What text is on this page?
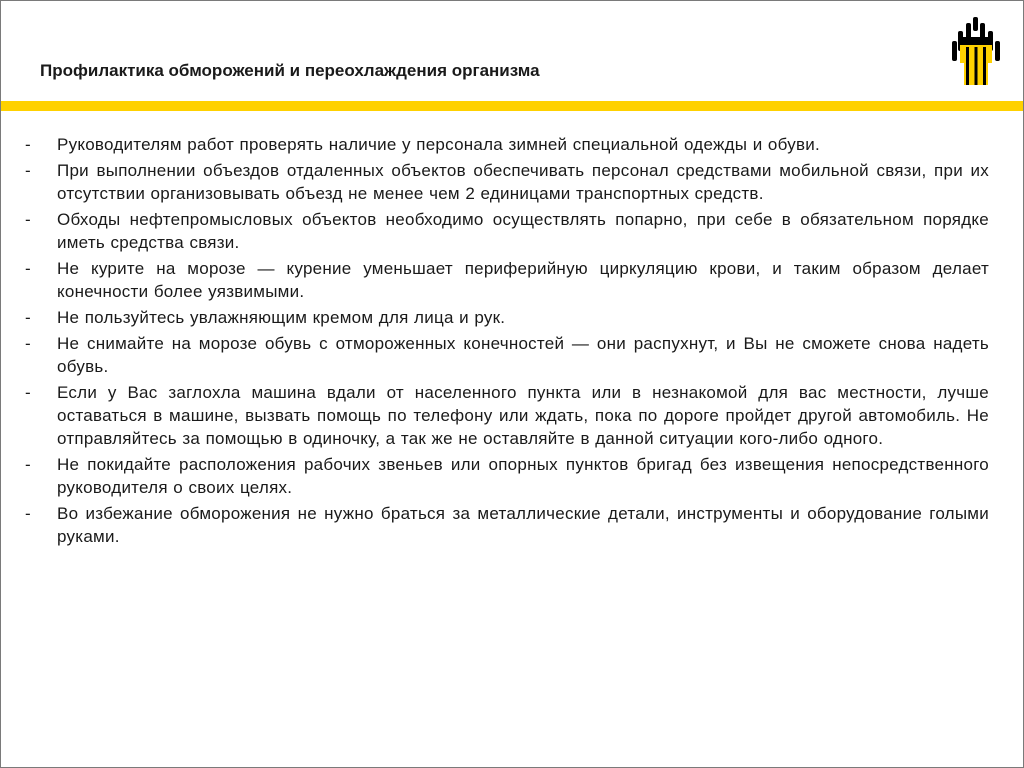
Профилактика обморожений и переохлаждения организма
-	Руководителям работ проверять наличие у персонала зимней специальной одежды и обуви.
-	При выполнении объездов отдаленных объектов обеспечивать персонал средствами мобильной связи, при их отсутствии организовывать объезд не менее чем 2 единицами транспортных средств.
-	Обходы нефтепромысловых объектов необходимо осуществлять попарно, при себе в обязательном порядке иметь средства связи.
-	Не курите на морозе — курение уменьшает периферийную циркуляцию крови, и таким образом делает конечности более уязвимыми.
-	Не пользуйтесь увлажняющим кремом для лица и рук.
-	Не снимайте на морозе обувь с отмороженных конечностей — они распухнут, и Вы не сможете снова надеть обувь.
-	Если у Вас заглохла машина вдали от населенного пункта или в незнакомой для вас местности, лучше оставаться в машине, вызвать помощь по телефону или ждать, пока по дороге пройдет другой автомобиль. Не отправляйтесь за помощью в одиночку, а так же не оставляйте в данной ситуации кого-либо одного.
-	Не покидайте расположения рабочих звеньев или опорных пунктов бригад без извещения непосредственного руководителя о своих целях.
-	Во избежание обморожения не нужно браться за металлические детали, инструменты и оборудование голыми руками.
